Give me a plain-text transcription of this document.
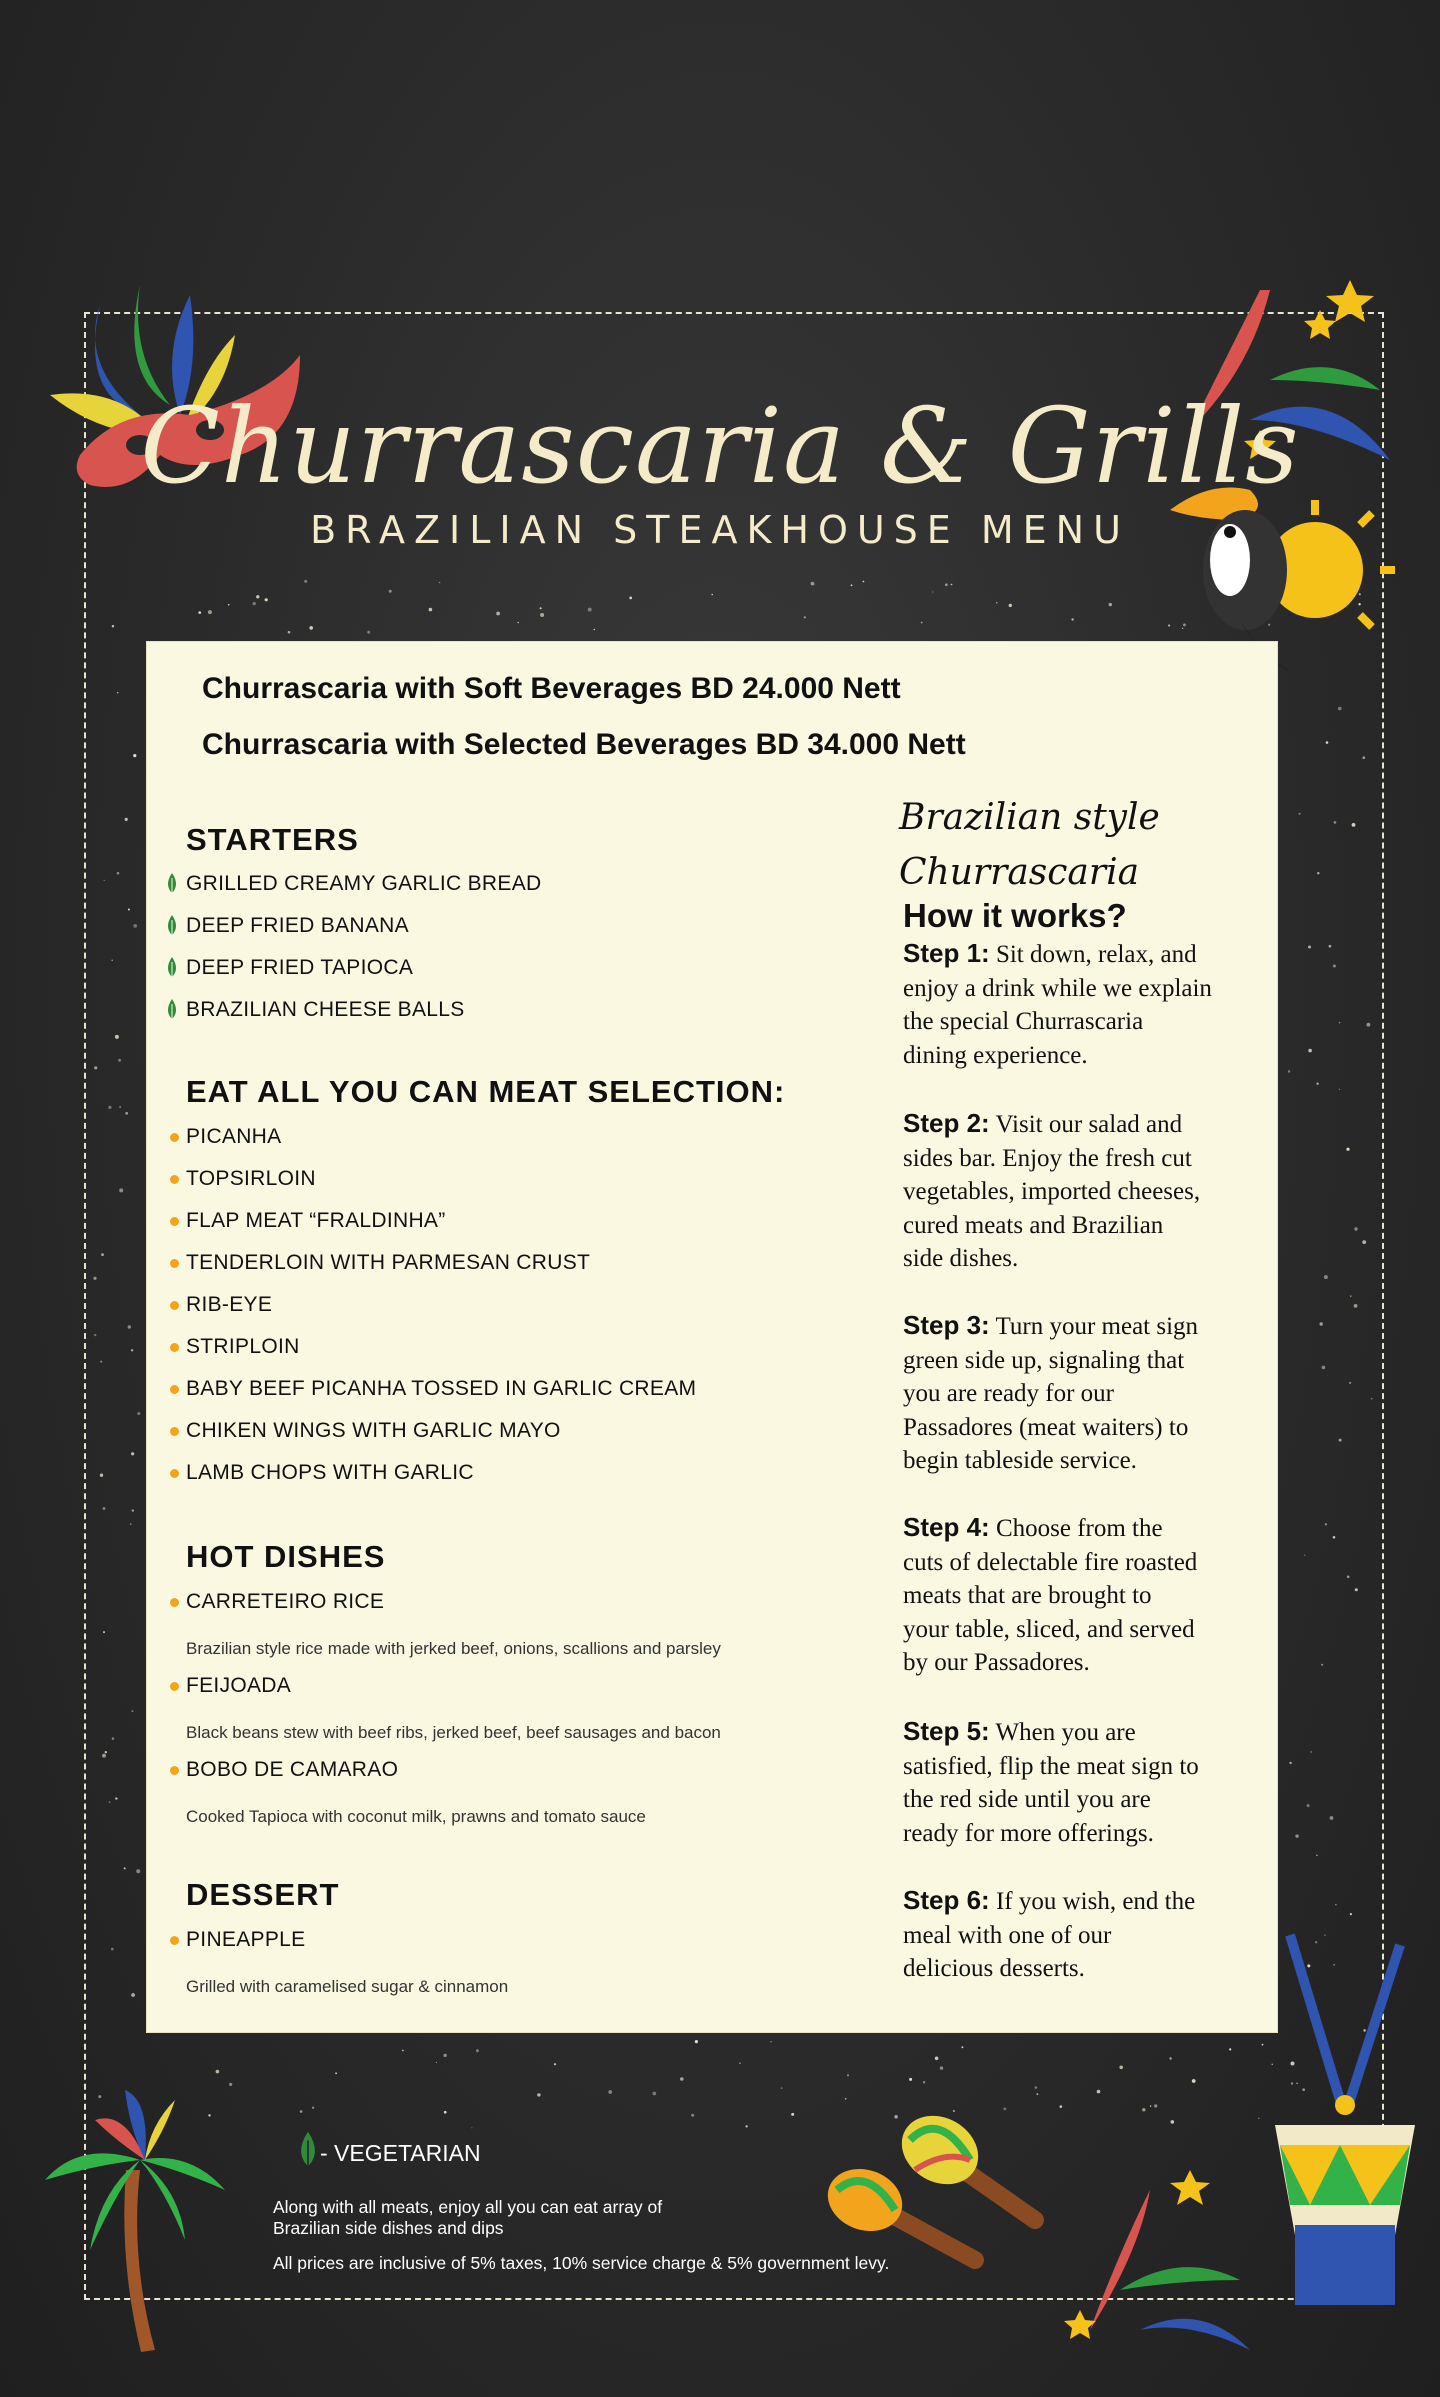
Churrascaria & Grills
BRAZILIAN STEAKHOUSE MENU
Churrascaria with Soft Beverages BD 24.000 Nett
Churrascaria with Selected Beverages BD 34.000 Nett
STARTERS
GRILLED CREAMY GARLIC BREAD
DEEP FRIED BANANA
DEEP FRIED TAPIOCA
BRAZILIAN CHEESE BALLS
EAT ALL YOU CAN MEAT SELECTION:
PICANHA
TOPSIRLOIN
FLAP MEAT “FRALDINHA”
TENDERLOIN WITH PARMESAN CRUST
RIB-EYE
STRIPLOIN
BABY BEEF PICANHA TOSSED IN GARLIC CREAM
CHIKEN WINGS WITH GARLIC MAYO
LAMB CHOPS WITH GARLIC
HOT DISHES
CARRETEIRO RICE
Brazilian style rice made with jerked beef, onions, scallions and parsley
FEIJOADA
Black beans stew with beef ribs, jerked beef, beef sausages and bacon
BOBO DE CAMARAO
Cooked Tapioca with coconut milk, prawns and tomato sauce
DESSERT
PINEAPPLE
Grilled with caramelised sugar & cinnamon
Brazilian style
Churrascaria
How it works?
Step 1: Sit down, relax, and
enjoy a drink while we explain
the special Churrascaria
dining experience.
Step 2: Visit our salad and
sides bar. Enjoy the fresh cut
vegetables, imported cheeses,
cured meats and Brazilian
side dishes.
Step 3: Turn your meat sign
green side up, signaling that
you are ready for our
Passadores (meat waiters) to
begin tableside service.
Step 4: Choose from the
cuts of delectable fire roasted
meats that are brought to
your table, sliced, and served
by our Passadores.
Step 5: When you are
satisfied, flip the meat sign to
the red side until you are
ready for more offerings.
Step 6: If you wish, end the
meal with one of our
delicious desserts.
- VEGETARIAN
Along with all meats, enjoy all you can eat array of
Brazilian side dishes and dips
All prices are inclusive of 5% taxes, 10% service charge & 5% government levy.
